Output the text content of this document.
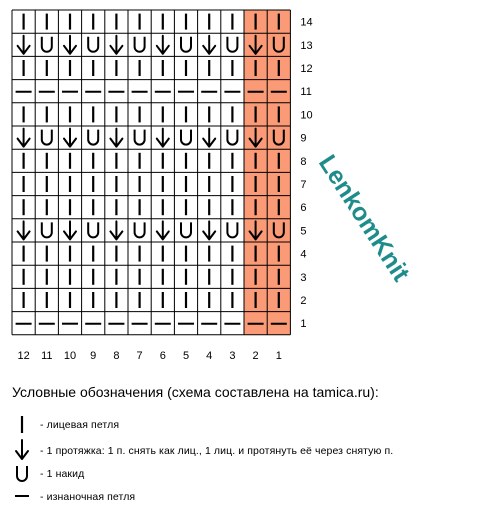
14
13
12
11
10
9
8
7
6
5
4
3
2
1
12 11 10 9 8 7 6 5 4 3 2 1
LenkomKnit
Условные обозначения (схема составлена на tamica.ru):
- лицевая петля
- 1 протяжка: 1 п. снять как лиц., 1 лиц. и протянуть её через снятую п.
- 1 накид
- изнаночная петля
